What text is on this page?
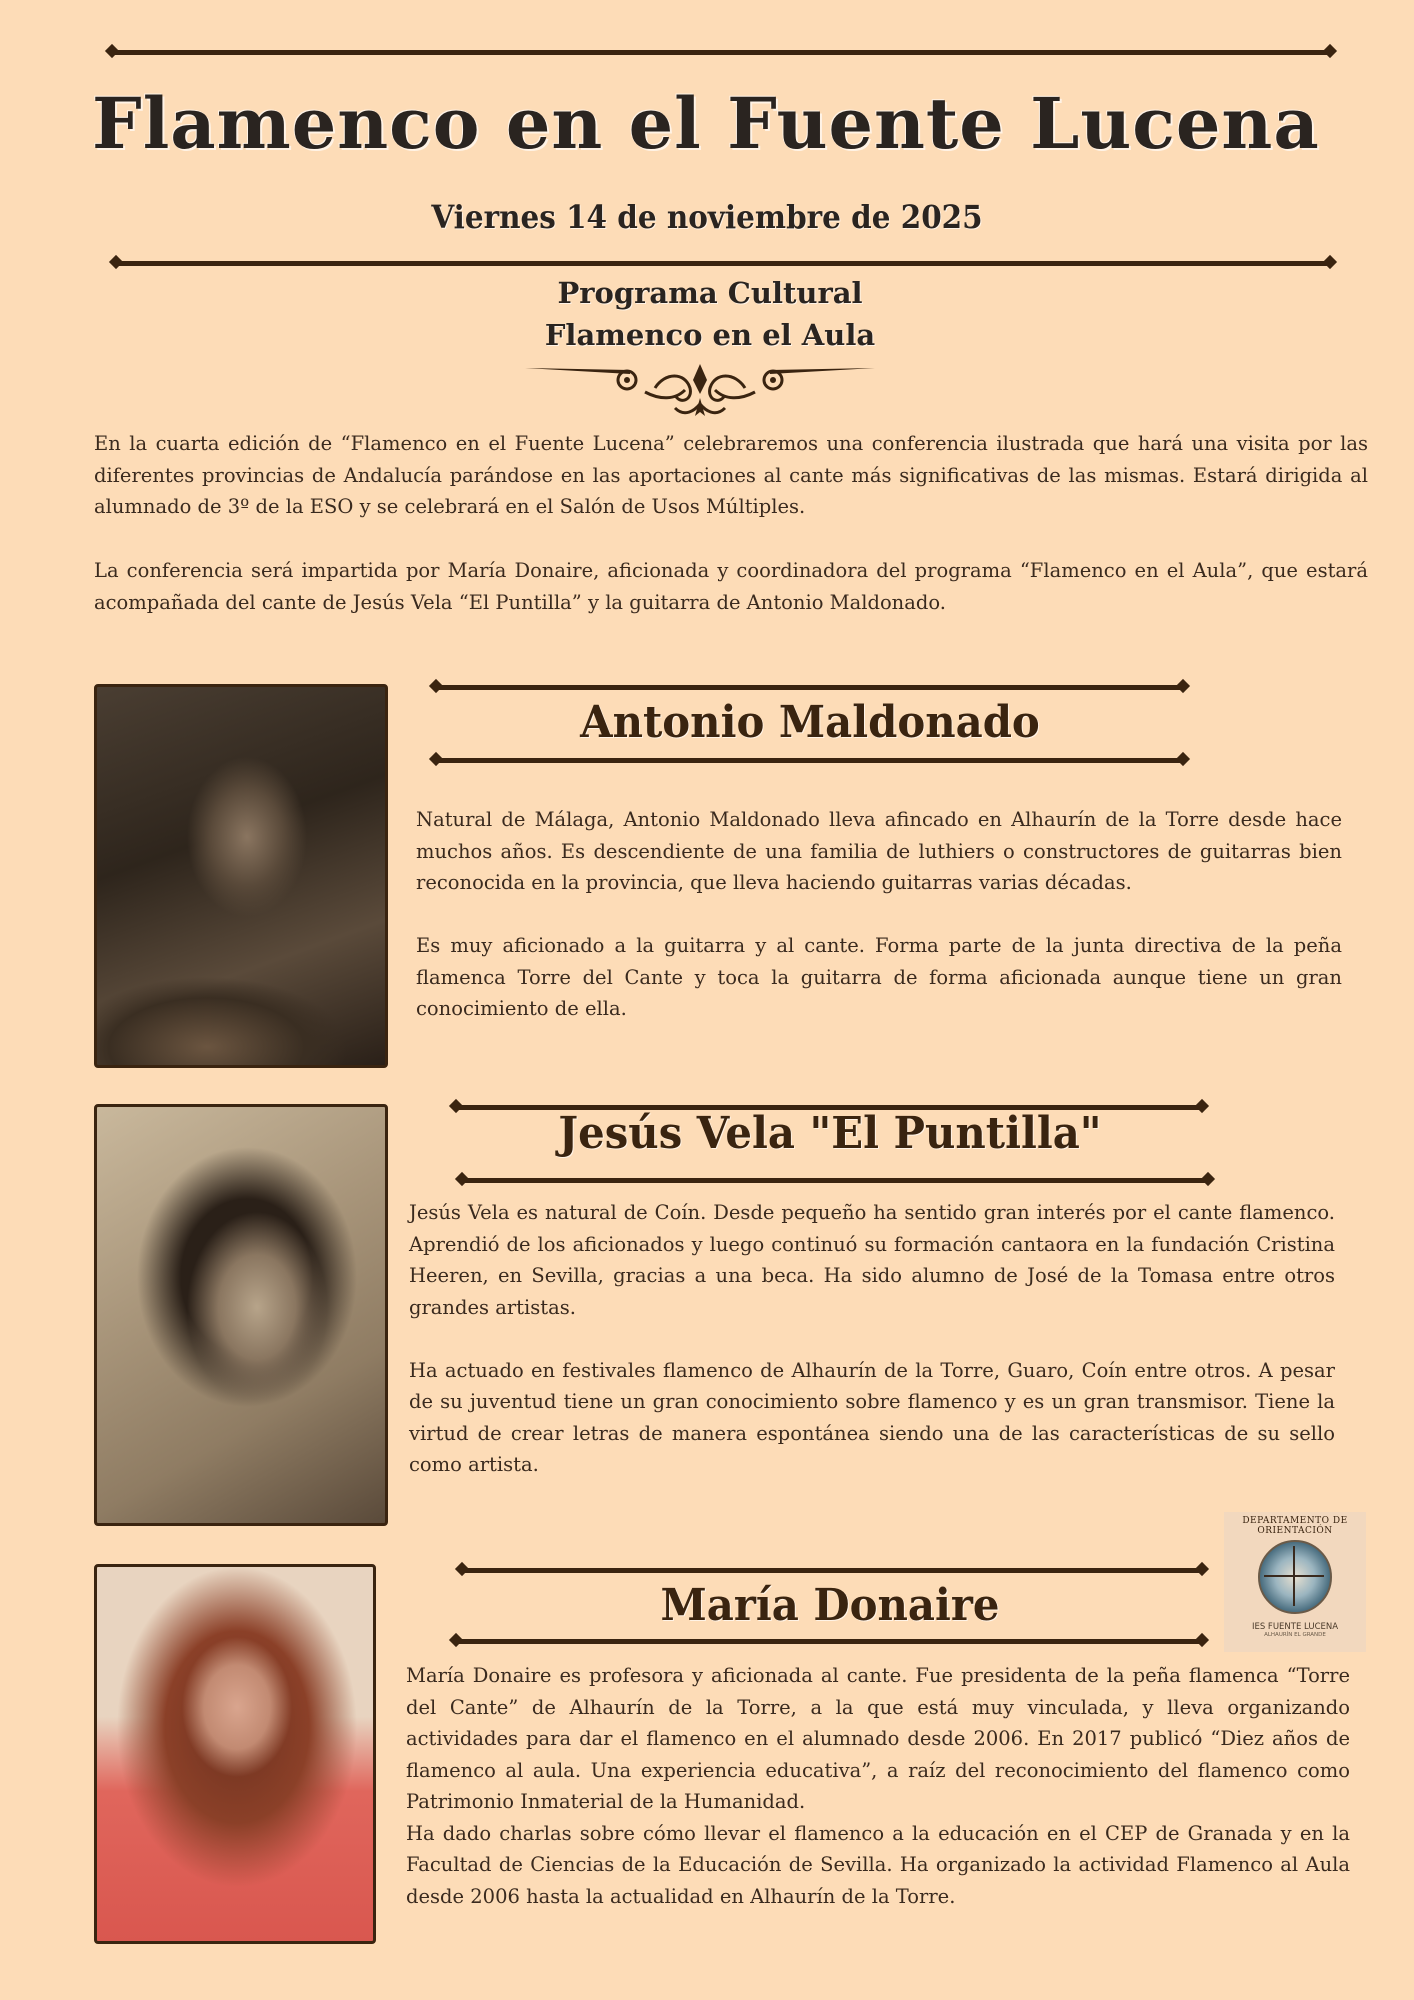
Flamenco en el Fuente Lucena
Viernes 14 de noviembre de 2025
Programa Cultural
Flamenco en el Aula
En la cuarta edición de “Flamenco en el Fuente Lucena” celebraremos una conferencia ilustrada que hará una visita por las diferentes provincias de Andalucía parándose en las aportaciones al cante más significativas de las mismas. Estará dirigida al alumnado de 3º de la ESO y se celebrará en el Salón de Usos Múltiples.
La conferencia será impartida por María Donaire, aficionada y coordinadora del programa “Flamenco en el Aula”, que estará acompañada del cante de Jesús Vela “El Puntilla” y la guitarra de Antonio Maldonado.
Antonio Maldonado

Natural de Málaga, Antonio Maldonado lleva afincado en Alhaurín de la Torre desde hace muchos años. Es descendiente de una familia de luthiers o constructores de guitarras bien reconocida en la provincia, que lleva haciendo guitarras varias décadas.

Es muy aficionado a la guitarra y al cante. Forma parte de la junta directiva de la peña flamenca Torre del Cante y toca la guitarra de forma aficionada aunque tiene un gran conocimiento de ella.

Jesús Vela "El Puntilla"

Jesús Vela es natural de Coín. Desde pequeño ha sentido gran interés por el cante flamenco. Aprendió de los aficionados y luego continuó su formación cantaora en la fundación Cristina Heeren, en Sevilla, gracias a una beca. Ha sido alumno de José de la Tomasa entre otros grandes artistas.

Ha actuado en festivales flamenco de Alhaurín de la Torre, Guaro, Coín entre otros. A pesar de su juventud tiene un gran conocimiento sobre flamenco y es un gran transmisor. Tiene la virtud de crear letras de manera espontánea siendo una de las características de su sello como artista.

DEPARTAMENTO DE ORIENTACIÓN
IES FUENTE LUCENA
ALHAURÍN EL GRANDE
María Donaire

María Donaire es profesora y aficionada al cante. Fue presidenta de la peña flamenca “Torre del Cante” de Alhaurín de la Torre, a la que está muy vinculada, y lleva organizando actividades para dar el flamenco en el alumnado desde 2006. En 2017 publicó “Diez años de flamenco al aula. Una experiencia educativa”, a raíz del reconocimiento del flamenco como Patrimonio Inmaterial de la Humanidad.

Ha dado charlas sobre cómo llevar el flamenco a la educación en el CEP de Granada y en la Facultad de Ciencias de la Educación de Sevilla. Ha organizado la actividad Flamenco al Aula desde 2006 hasta la actualidad en Alhaurín de la Torre.
